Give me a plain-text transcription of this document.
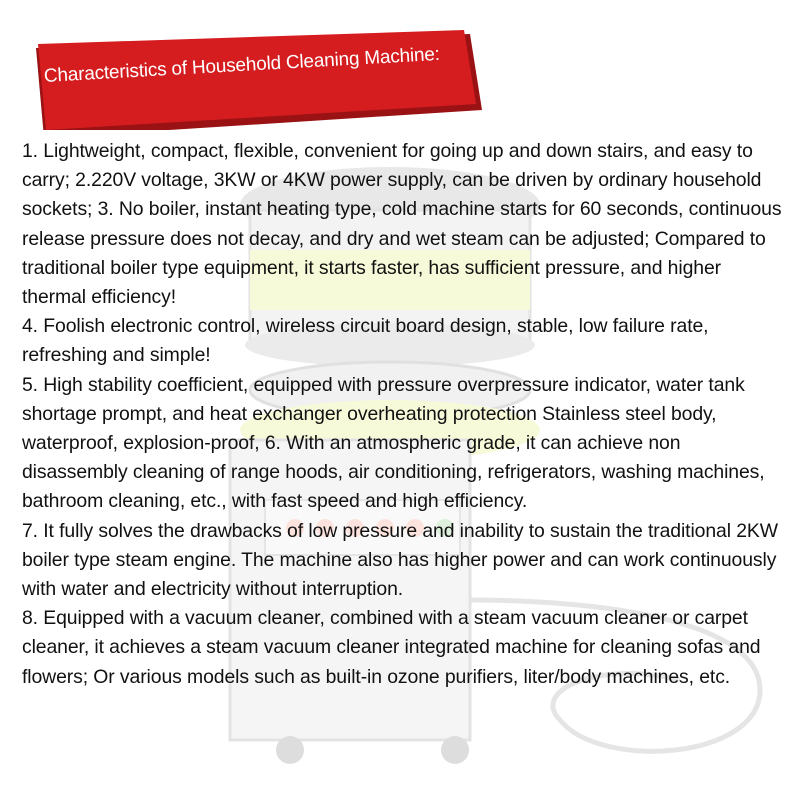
Characteristics of Household Cleaning Machine:

1. Lightweight, compact, flexible, convenient for going up and down stairs, and easy to carry; 2.220V voltage, 3KW or 4KW power supply, can be driven by ordinary household sockets; 3. No boiler, instant heating type, cold machine starts for 60 seconds, continuous release pressure does not decay, and dry and wet steam can be adjusted; Compared to traditional boiler type equipment, it starts faster, has sufficient pressure, and higher thermal efficiency!

4. Foolish electronic control, wireless circuit board design, stable, low failure rate, refreshing and simple!

5. High stability coefficient, equipped with pressure overpressure indicator, water tank shortage prompt, and heat exchanger overheating protection Stainless steel body, waterproof, explosion-proof, 6. With an atmospheric grade, it can achieve non disassembly cleaning of range hoods, air conditioning, refrigerators, washing machines, bathroom cleaning, etc., with fast speed and high efficiency.

7. It fully solves the drawbacks of low pressure and inability to sustain the traditional 2KW boiler type steam engine. The machine also has higher power and can work continuously with water and electricity without interruption.

8. Equipped with a vacuum cleaner, combined with a steam vacuum cleaner or carpet cleaner, it achieves a steam vacuum cleaner integrated machine for cleaning sofas and flowers; Or various models such as built-in ozone purifiers, liter/body machines, etc.
